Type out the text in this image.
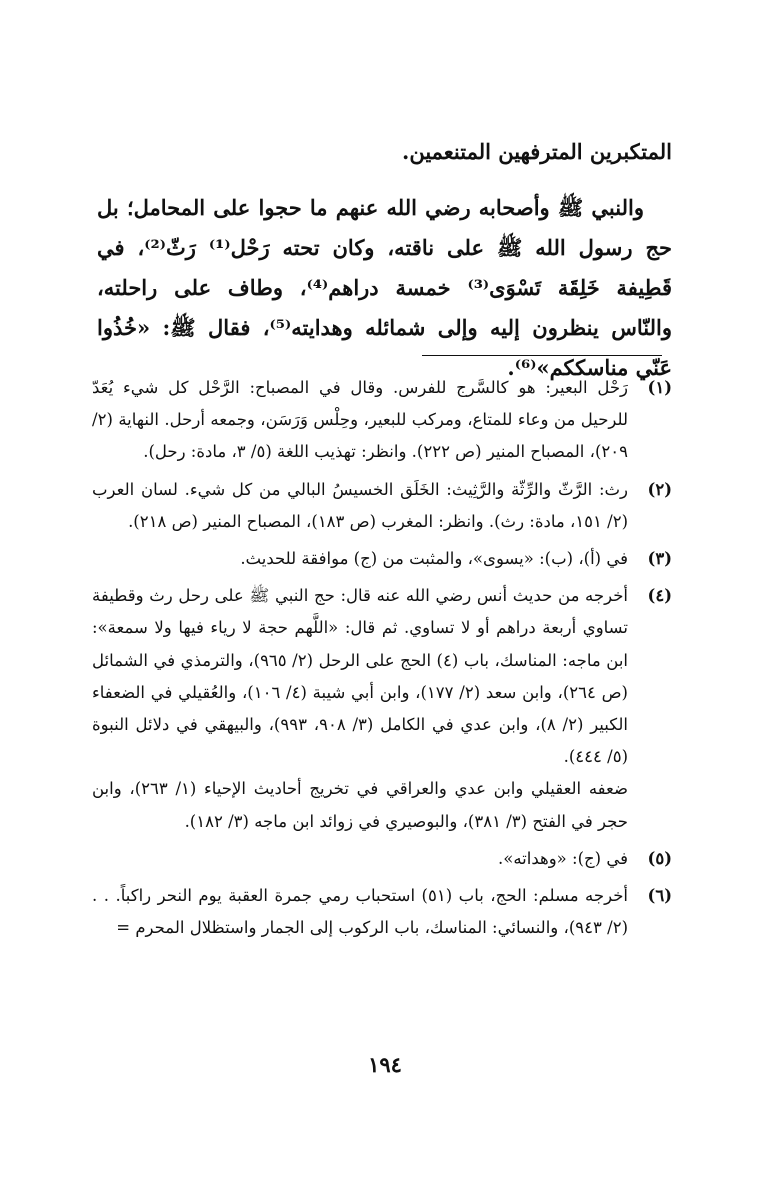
المتكبرين المترفهين المتنعمين.

والنبي ﷺ وأصحابه رضي الله عنهم ما حجوا على المحامل؛ بل حج رسول الله ﷺ على ناقته، وكان تحته رَحْل⁽¹⁾ رَثّ⁽²⁾، في قَطِيفة خَلِقَة تَسْوَى⁽³⁾ خمسة دراهم⁽⁴⁾، وطاف على راحلته، والنّاس ينظرون إليه وإلى شمائله وهدايته⁽⁵⁾، فقال ﷺ: «خُذُوا عَنّي مناسككم»⁽⁶⁾.

(١)

رَحْل البعير: هو كالسَّرج للفرس. وقال في المصباح: الرَّحْل كل شيء يُعَدّ للرحيل من وعاء للمتاع، ومركب للبعير، وحِلْس وَرَسَن، وجمعه أرحل. النهاية (٢/ ٢٠٩)، المصباح المنير (ص ٢٢٢). وانظر: تهذيب اللغة (٥/ ٣، مادة: رحل).

(٢)

رث: الرَّثّ والرِّثّة والرَّثِيث: الخَلَق الخسيسُ البالي من كل شيء. لسان العرب (٢/ ١٥١، مادة: رث). وانظر: المغرب (ص ١٨٣)، المصباح المنير (ص ٢١٨).

(٣)

في (أ)، (ب): «يسوى»، والمثبت من (ج) موافقة للحديث.

(٤)

أخرجه من حديث أنس رضي الله عنه قال: حج النبي ﷺ على رحل رث وقطيفة تساوي أربعة دراهم أو لا تساوي. ثم قال: «اللَّهم حجة لا رياء فيها ولا سمعة»: ابن ماجه: المناسك، باب (٤) الحج على الرحل (٢/ ٩٦٥)، والترمذي في الشمائل (ص ٢٦٤)، وابن سعد (٢/ ١٧٧)، وابن أبي شيبة (٤/ ١٠٦)، والعُقيلي في الضعفاء الكبير (٢/ ٨)، وابن عدي في الكامل (٣/ ٩٠٨، ٩٩٣)، والبيهقي في دلائل النبوة (٥/ ٤٤٤).

ضعفه العقيلي وابن عدي والعراقي في تخريج أحاديث الإحياء (١/ ٢٦٣)، وابن حجر في الفتح (٣/ ٣٨١)، والبوصيري في زوائد ابن ماجه (٣/ ١٨٢).

(٥)

في (ج): «وهداته».

(٦)

أخرجه مسلم: الحج، باب (٥١) استحباب رمي جمرة العقبة يوم النحر راكباً. . . (٢/ ٩٤٣)، والنسائي: المناسك، باب الركوب إلى الجمار واستظلال المحرم =

١٩٤
